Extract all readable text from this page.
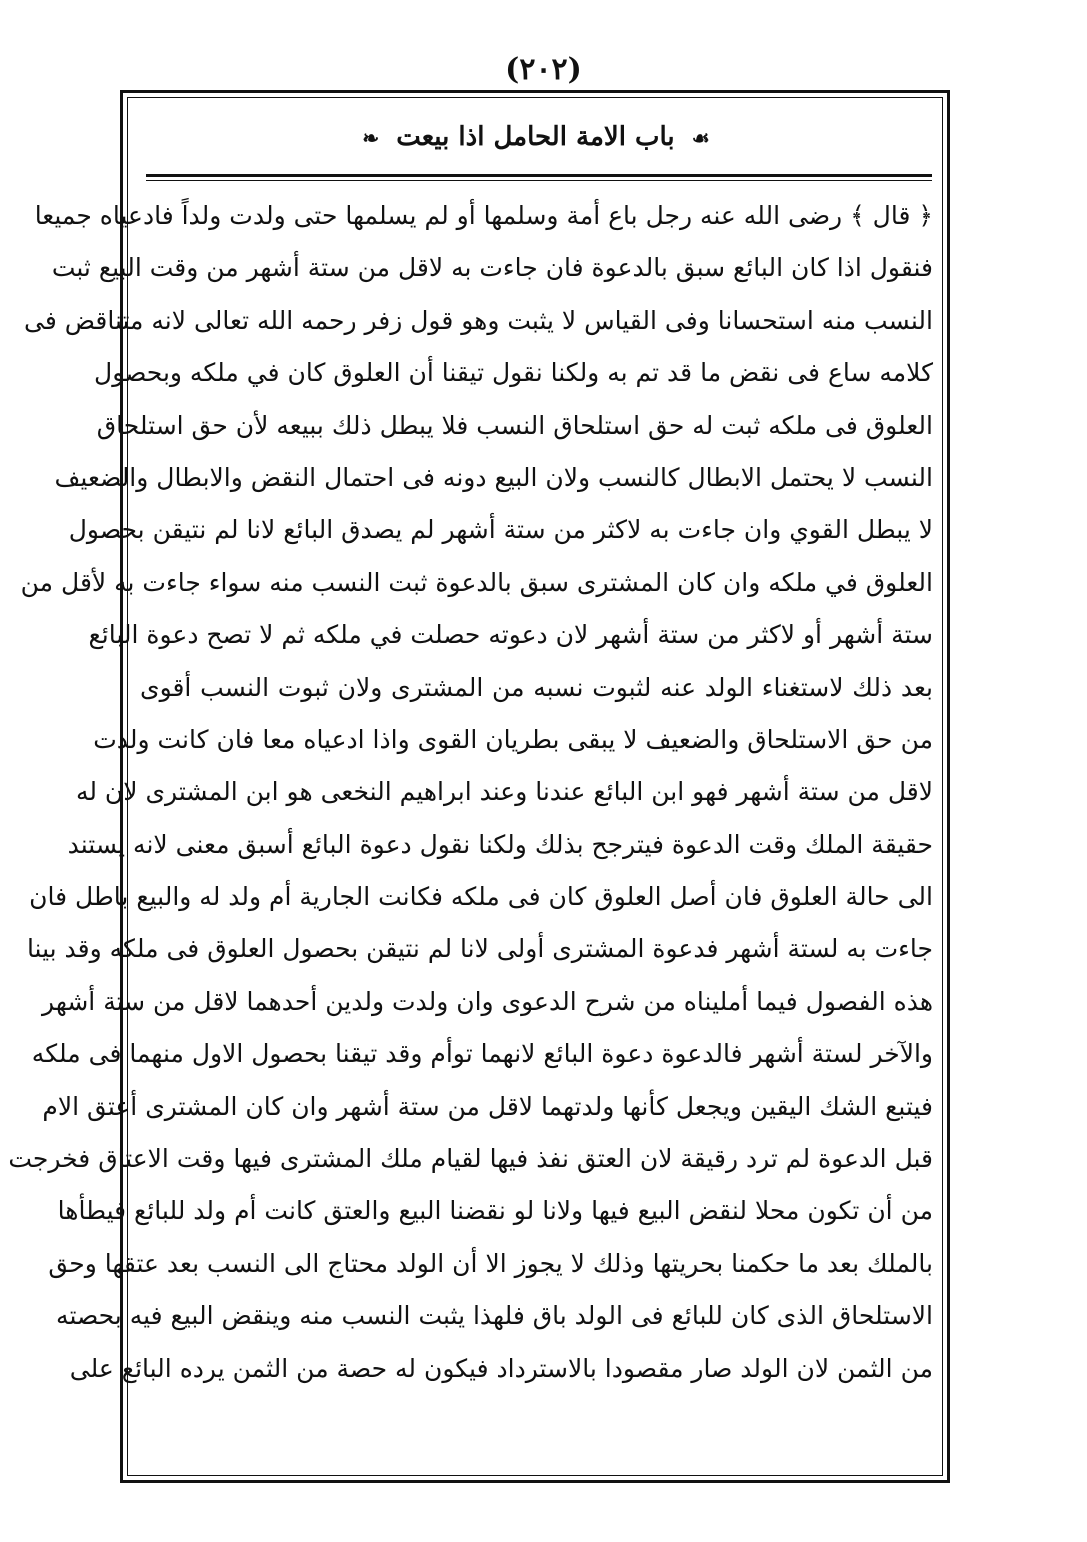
(٢٠٢)
☙ باب الامة الحامل اذا بيعت ❧
﴿ قال ﴾ رضى الله عنه رجل باع أمة وسلمها أو لم يسلمها حتى ولدت ولداً فادعياه جميعا
فنقول اذا كان البائع سبق بالدعوة فان جاءت به لاقل من ستة أشهر من وقت البيع ثبت
النسب منه استحسانا وفى القياس لا يثبت وهو قول زفر رحمه الله تعالى لانه متناقض فى
كلامه ساع فى نقض ما قد تم به ولكنا نقول تيقنا أن العلوق كان في ملكه وبحصول
العلوق فى ملكه ثبت له حق استلحاق النسب فلا يبطل ذلك ببيعه لأن حق استلحاق
النسب لا يحتمل الابطال كالنسب ولان البيع دونه فى احتمال النقض والابطال والضعيف
لا يبطل القوي وان جاءت به لاكثر من ستة أشهر لم يصدق البائع لانا لم نتيقن بحصول
العلوق في ملكه وان كان المشترى سبق بالدعوة ثبت النسب منه سواء جاءت به لأقل من
ستة أشهر أو لاكثر من ستة أشهر لان دعوته حصلت في ملكه ثم لا تصح دعوة البائع
بعد ذلك لاستغناء الولد عنه لثبوت نسبه من المشترى ولان ثبوت النسب أقوى
من حق الاستلحاق والضعيف لا يبقى بطريان القوى واذا ادعياه معا فان كانت ولدت
لاقل من ستة أشهر فهو ابن البائع عندنا وعند ابراهيم النخعى هو ابن المشترى لان له
حقيقة الملك وقت الدعوة فيترجح بذلك ولكنا نقول دعوة البائع أسبق معنى لانه يستند
الى حالة العلوق فان أصل العلوق كان فى ملكه فكانت الجارية أم ولد له والبيع باطل فان
جاءت به لستة أشهر فدعوة المشترى أولى لانا لم نتيقن بحصول العلوق فى ملكه وقد بينا
هذه الفصول فيما أمليناه من شرح الدعوى وان ولدت ولدين أحدهما لاقل من ستة أشهر
والآخر لستة أشهر فالدعوة دعوة البائع لانهما توأم وقد تيقنا بحصول الاول منهما فى ملكه
فيتبع الشك اليقين ويجعل كأنها ولدتهما لاقل من ستة أشهر وان كان المشترى أعتق الام
قبل الدعوة لم ترد رقيقة لان العتق نفذ فيها لقيام ملك المشترى فيها وقت الاعتاق فخرجت
من أن تكون محلا لنقض البيع فيها ولانا لو نقضنا البيع والعتق كانت أم ولد للبائع فيطأها
بالملك بعد ما حكمنا بحريتها وذلك لا يجوز الا أن الولد محتاج الى النسب بعد عتقها وحق
الاستلحاق الذى كان للبائع فى الولد باق فلهذا يثبت النسب منه وينقض البيع فيه بحصته
من الثمن لان الولد صار مقصودا بالاسترداد فيكون له حصة من الثمن يرده البائع على
